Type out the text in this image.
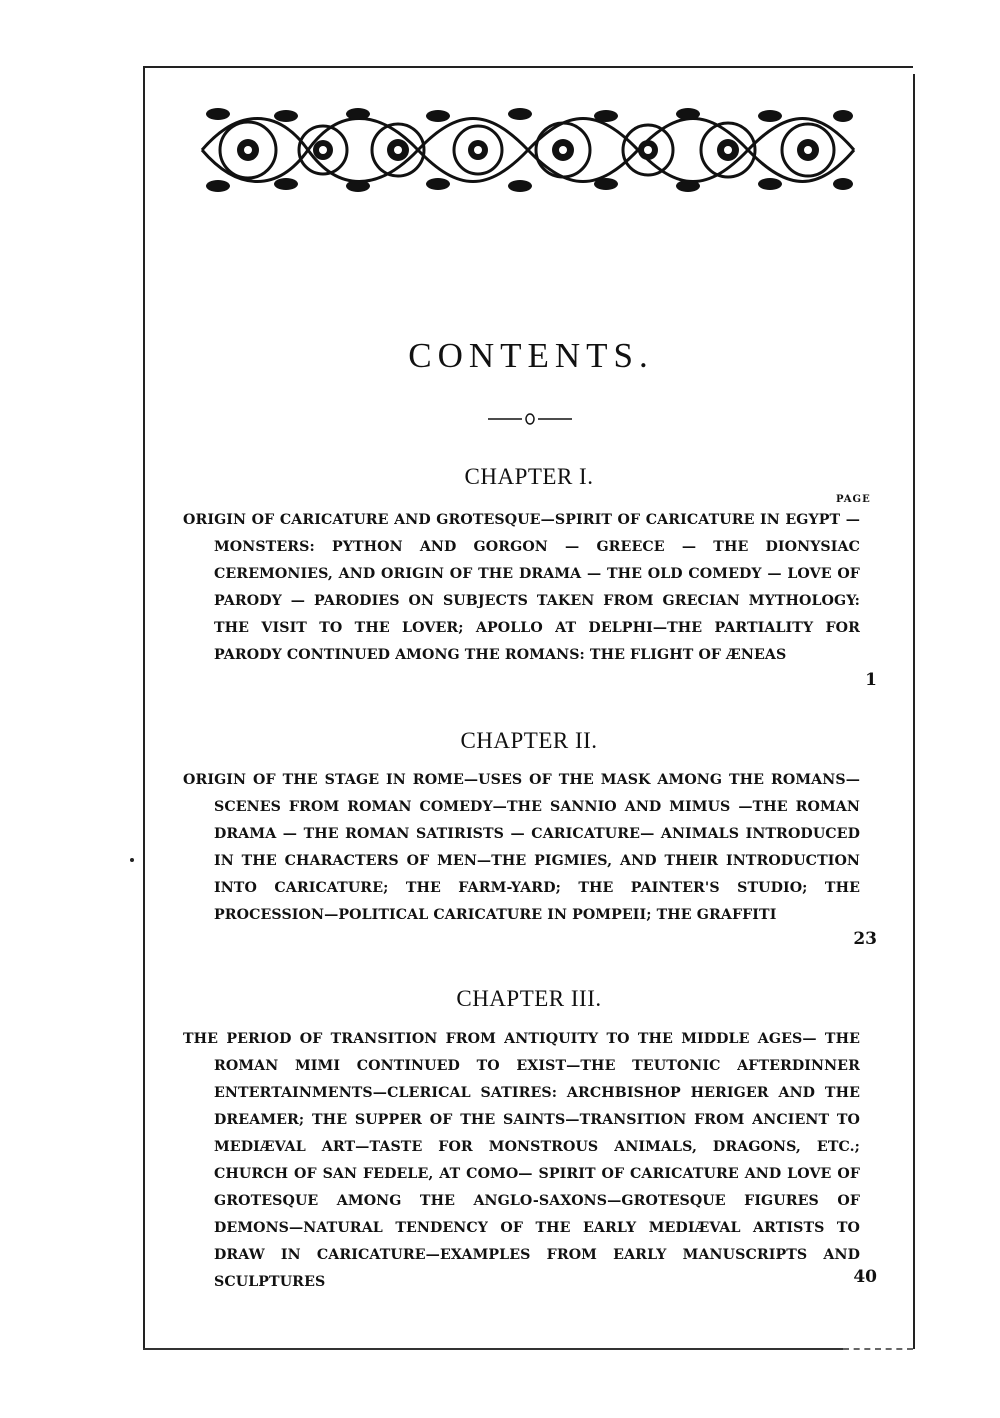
CONTENTS.
CHAPTER I.
PAGE
ORIGIN OF CARICATURE AND GROTESQUE—SPIRIT OF CARICATURE IN EGYPT — MONSTERS: PYTHON AND GORGON — GREECE — THE DIONYSIAC CEREMONIES, AND ORIGIN OF THE DRAMA — THE OLD COMEDY — LOVE OF PARODY — PARODIES ON SUBJECTS TAKEN FROM GRECIAN MYTHOLOGY: THE VISIT TO THE LOVER; APOLLO AT DELPHI—THE PARTIALITY FOR PARODY CONTINUED AMONG THE ROMANS: THE FLIGHT OF ÆNEAS
1
CHAPTER II.
ORIGIN OF THE STAGE IN ROME—USES OF THE MASK AMONG THE ROMANS—SCENES FROM ROMAN COMEDY—THE SANNIO AND MIMUS —THE ROMAN DRAMA — THE ROMAN SATIRISTS — CARICATURE— ANIMALS INTRODUCED IN THE CHARACTERS OF MEN—THE PIGMIES, AND THEIR INTRODUCTION INTO CARICATURE; THE FARM-YARD; THE PAINTER'S STUDIO; THE PROCESSION—POLITICAL CARICATURE IN POMPEII; THE GRAFFITI
23
CHAPTER III.
THE PERIOD OF TRANSITION FROM ANTIQUITY TO THE MIDDLE AGES— THE ROMAN MIMI CONTINUED TO EXIST—THE TEUTONIC AFTERDINNER ENTERTAINMENTS—CLERICAL SATIRES: ARCHBISHOP HERIGER AND THE DREAMER; THE SUPPER OF THE SAINTS—TRANSITION FROM ANCIENT TO MEDIÆVAL ART—TASTE FOR MONSTROUS ANIMALS, DRAGONS, ETC.; CHURCH OF SAN FEDELE, AT COMO— SPIRIT OF CARICATURE AND LOVE OF GROTESQUE AMONG THE ANGLO-SAXONS—GROTESQUE FIGURES OF DEMONS—NATURAL TENDENCY OF THE EARLY MEDIÆVAL ARTISTS TO DRAW IN CARICATURE—EXAMPLES FROM EARLY MANUSCRIPTS AND SCULPTURES	40
